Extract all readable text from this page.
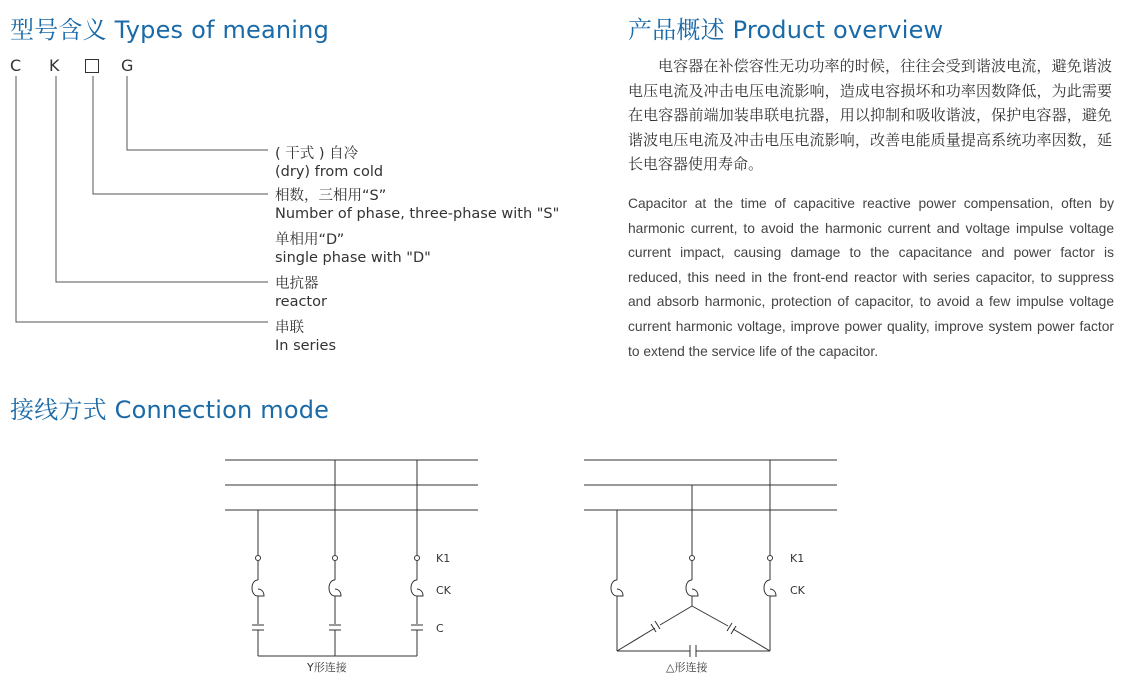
型号含义 Types of meaning	产品概述 Product overview
接线方式 Connection mode
C K	G
( 干式 ) 自冷
(dry) from cold
相数，三相用“S”
Number of phase, three-phase with "S"
单相用“D”
single phase with "D"
电抗器
reactor
串联
In series
电容器在补偿容性无功功率的时候，往往会受到谐波电流，避免谐波电压电流及冲击电压电流影响，造成电容损坏和功率因数降低，为此需要在电容器前端加装串联电抗器，用以抑制和吸收谐波，保护电容器，避免谐波电压电流及冲击电压电流影响，改善电能质量提高系统功率因数，延长电容器使用寿命。
Capacitor at the time of capacitive reactive power compensation, often by harmonic current, to avoid the harmonic current and voltage impulse voltage current impact, causing damage to the capacitance and power factor is reduced, this need in the front-end reactor with series capacitor, to suppress and absorb harmonic, protection of capacitor, to avoid a few impulse voltage current harmonic voltage, improve power quality, improve system power factor to extend the service life of the capacitor.
K1
CK
C
Y形连接
K1
CK
△形连接
